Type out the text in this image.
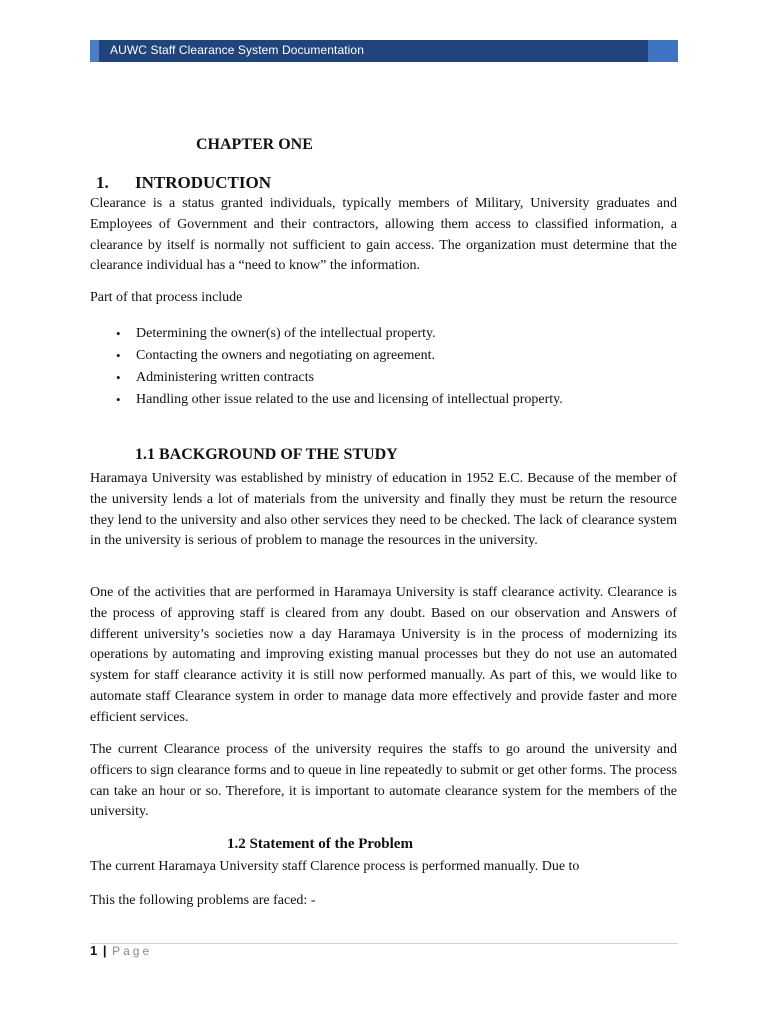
AUWC Staff Clearance System Documentation
CHAPTER ONE
1. INTRODUCTION
Clearance is a status granted individuals, typically members of Military, University graduates and Employees of Government and their contractors, allowing them access to classified information, a clearance by itself is normally not sufficient to gain access. The organization must determine that the clearance individual has a “need to know” the information.
Part of that process include
• Determining the owner(s) of the intellectual property.
• Contacting the owners and negotiating on agreement.
• Administering written contracts
• Handling other issue related to the use and licensing of intellectual property.
1.1 BACKGROUND OF THE STUDY
Haramaya University was established by ministry of education in 1952 E.C. Because of the member of the university lends a lot of materials from the university and finally they must be return the resource they lend to the university and also other services they need to be checked. The lack of clearance system in the university is serious of problem to manage the resources in the university.
One of the activities that are performed in Haramaya University is staff clearance activity. Clearance is the process of approving staff is cleared from any doubt. Based on our observation and Answers of different university’s societies now a day Haramaya University is in the process of modernizing its operations by automating and improving existing manual processes but they do not use an automated system for staff clearance activity it is still now performed manually. As part of this, we would like to automate staff Clearance system in order to manage data more effectively and provide faster and more efficient services.
The current Clearance process of the university requires the staffs to go around the university and officers to sign clearance forms and to queue in line repeatedly to submit or get other forms. The process can take an hour or so. Therefore, it is important to automate clearance system for the members of the university.
1.2 Statement of the Problem
The current Haramaya University staff Clarence process is performed manually. Due to
This the following problems are faced: -
1 | Page
